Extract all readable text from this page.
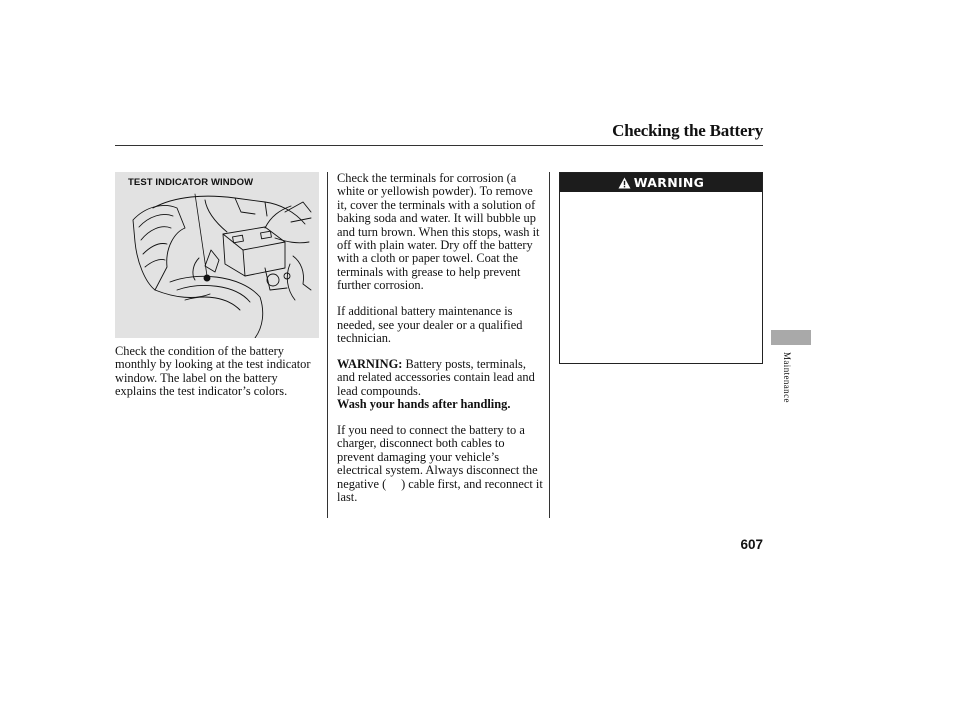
Checking the Battery
TEST INDICATOR WINDOW
Check the condition of the battery monthly by looking at the test indicator window. The label on the battery explains the test indicator’s colors.

Check the terminals for corrosion (a white or yellowish powder). To remove it, cover the terminals with a solution of baking soda and water. It will bubble up and turn brown. When this stops, wash it off with plain water. Dry off the battery with a cloth or paper towel. Coat the terminals with grease to help prevent further corrosion.

If additional battery maintenance is needed, see your dealer or a qualified technician.

WARNING: Battery posts, terminals, and related accessories contain lead and lead compounds.
Wash your hands after handling.

If you need to connect the battery to a charger, disconnect both cables to prevent damaging your vehicle’s electrical system. Always disconnect the negative (  ) cable first, and reconnect it last.

WARNING
Maintenance
607
